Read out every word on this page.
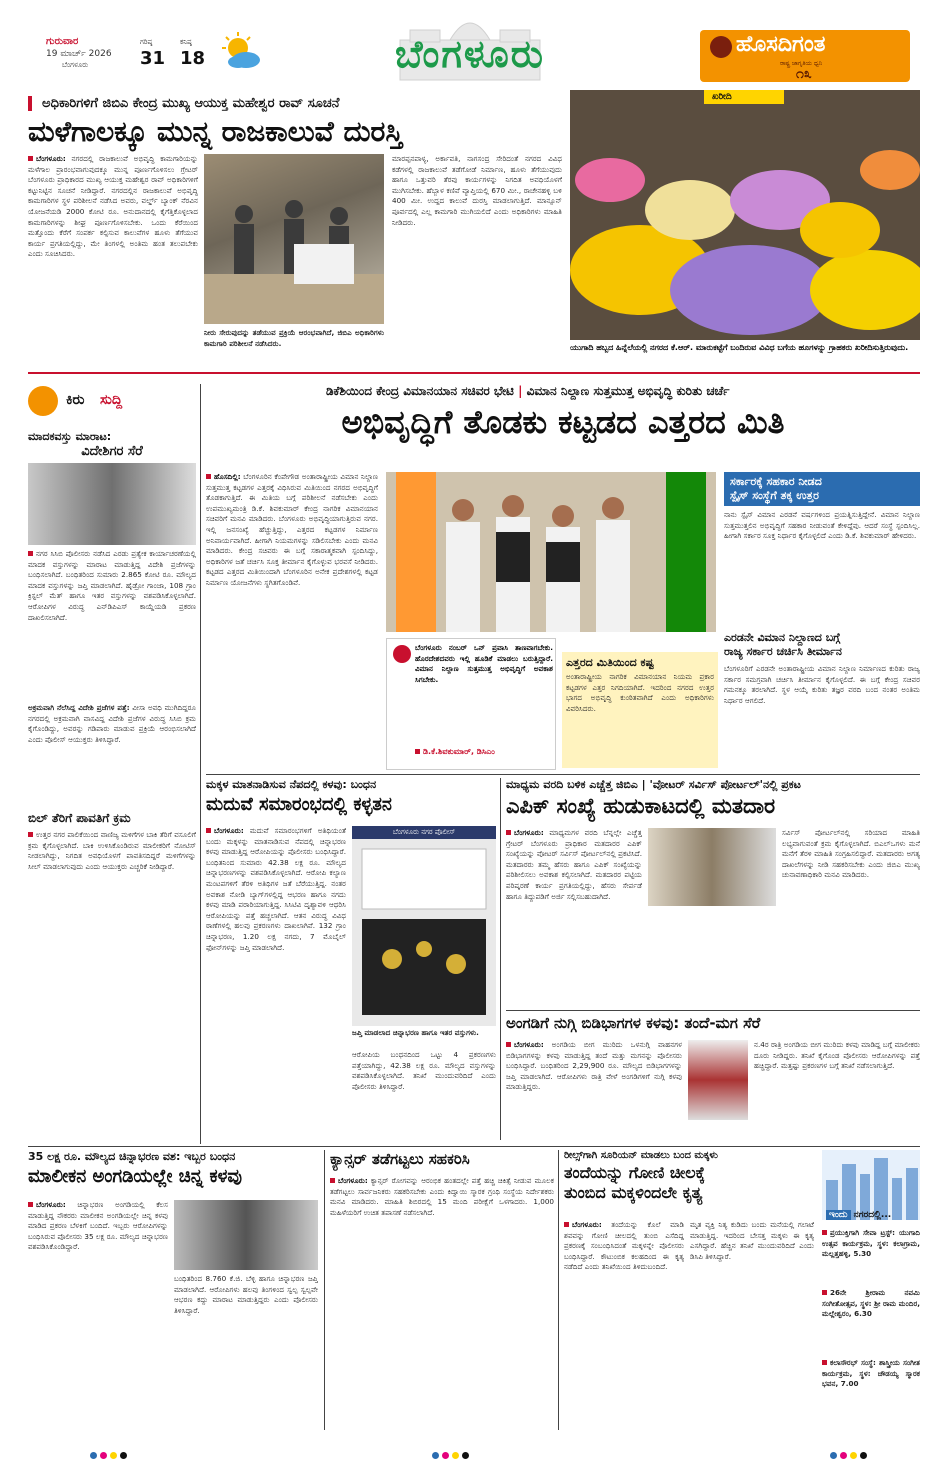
ಗುರುವಾರ
19 ಮಾರ್ಚ್ 2026
ಬೆಂಗಳೂರು
ಗರಿಷ್ಠ
31
ಕನಿಷ್ಠ
18	ಬೆಂಗಳೂರು	ಹೊಸದಿಗಂತ
ರಾಷ್ಟ್ರ ಜಾಗೃತಿಯ ಧ್ವನಿ
೧೩
ಅಧಿಕಾರಿಗಳಿಗೆ ಜಿಬಿಎ ಕೇಂದ್ರ ಮುಖ್ಯ ಆಯುಕ್ತ ಮಹೇಶ್ವರ ರಾವ್ ಸೂಚನೆ
ಮಳೆಗಾಲಕ್ಕೂ ಮುನ್ನ ರಾಜಕಾಲುವೆ ದುರಸ್ತಿ
ಬೆಂಗಳೂರು: ನಗರದಲ್ಲಿ ರಾಜಕಾಲುವೆ ಅಭಿವೃದ್ಧಿ ಕಾಮಗಾರಿಯನ್ನು ಮಳೆಗಾಲ ಪ್ರಾರಂಭವಾಗುವುದಕ್ಕೂ ಮುನ್ನ ಪೂರ್ಣಗೊಳಿಸಲು ಗ್ರೇಟರ್ ಬೆಂಗಳೂರು ಪ್ರಾಧಿಕಾರದ ಮುಖ್ಯ ಆಯುಕ್ತ ಮಹೇಶ್ವರ ರಾವ್ ಅಧಿಕಾರಿಗಳಿಗೆ ಕಟ್ಟುನಿಟ್ಟಿನ ಸೂಚನೆ ನೀಡಿದ್ದಾರೆ. ನಗರದಲ್ಲಿನ ರಾಜಕಾಲುವೆ ಅಭಿವೃದ್ಧಿ ಕಾಮಗಾರಿಗಳ ಸ್ಥಳ ಪರಿಶೀಲನೆ ನಡೆಸಿದ ಅವರು, ವರ್ಲ್ಡ್ ಬ್ಯಾಂಕ್ ನೆರವಿನ ಯೋಜನೆಯಡಿ 2000 ಕೋಟಿ ರೂ. ಅನುದಾನದಲ್ಲಿ ಕೈಗೆತ್ತಿಕೊಳ್ಳಲಾದ ಕಾಮಗಾರಿಗಳನ್ನು ಶೀಘ್ರ ಪೂರ್ಣಗೊಳಿಸಬೇಕು. ಒಂದು ಕೆರೆಯಿಂದ ಮತ್ತೊಂದು ಕೆರೆಗೆ ಸಂಪರ್ಕ ಕಲ್ಪಿಸುವ ಕಾಲುವೆಗಳ ಹೂಳು ತೆಗೆಯುವ ಕಾರ್ಯ ಪ್ರಗತಿಯಲ್ಲಿದ್ದು, ಮೇ ತಿಂಗಳಲ್ಲಿ ಅಂತಿಮ ಹಂತ ತಲುಪಬೇಕು ಎಂದು ಸೂಚಿಸಿದರು.
ನೀರು ಸೇರುವುದನ್ನು ತಡೆಯುವ ಪ್ರಕ್ರಿಯೆ ಆರಂಭವಾಗಿದೆ, ಜಿಬಿಎ ಅಧಿಕಾರಿಗಳು ಕಾಮಗಾರಿ ಪರಿಶೀಲನೆ ನಡೆಸಿದರು.
ಮಾರಪ್ಪನಪಾಳ್ಯ, ಅರ್ಕಾವತಿ, ನಾಗಸಂದ್ರ ಸೇರಿದಂತೆ ನಗರದ ವಿವಿಧ ಕಡೆಗಳಲ್ಲಿ ರಾಜಕಾಲುವೆ ತಡೆಗೋಡೆ ನಿರ್ಮಾಣ, ಹೂಳು ತೆಗೆಯುವುದು ಹಾಗೂ ಒತ್ತುವರಿ ತೆರವು ಕಾರ್ಯಗಳನ್ನು ನಿಗದಿತ ಅವಧಿಯೊಳಗೆ ಮುಗಿಸಬೇಕು. ಹೆಬ್ಬಾಳ ಕಣಿವೆ ವ್ಯಾಪ್ತಿಯಲ್ಲಿ 670 ಮೀ., ರಾಚೇನಹಳ್ಳಿ ಬಳಿ 400 ಮೀ. ಉದ್ದದ ಕಾಲುವೆ ದುರಸ್ತಿ ಮಾಡಲಾಗುತ್ತಿದೆ. ಮಾನ್ಸೂನ್ ಪೂರ್ವದಲ್ಲಿ ಎಲ್ಲ ಕಾಮಗಾರಿ ಮುಗಿಯಲಿದೆ ಎಂದು ಅಧಿಕಾರಿಗಳು ಮಾಹಿತಿ ನೀಡಿದರು.
ಖರೀದಿ
ಯುಗಾದಿ ಹಬ್ಬದ ಹಿನ್ನೆಲೆಯಲ್ಲಿ ನಗರದ ಕೆ.ಆರ್. ಮಾರುಕಟ್ಟೆಗೆ ಬಂದಿರುವ ವಿವಿಧ ಬಗೆಯ ಹೂಗಳನ್ನು ಗ್ರಾಹಕರು ಖರೀದಿಸುತ್ತಿರುವುದು.
ಕಿರು ಸುದ್ದಿ
ಮಾದಕವಸ್ತು ಮಾರಾಟ:
ವಿದೇಶಿಗರ ಸೆರೆ
ನಗರ ಸಿಸಿಬಿ ಪೊಲೀಸರು ನಡೆಸಿದ ಎರಡು ಪ್ರತ್ಯೇಕ ಕಾರ್ಯಾಚರಣೆಯಲ್ಲಿ ಮಾದಕ ವಸ್ತುಗಳನ್ನು ಮಾರಾಟ ಮಾಡುತ್ತಿದ್ದ ವಿದೇಶಿ ಪ್ರಜೆಗಳನ್ನು ಬಂಧಿಸಲಾಗಿದೆ. ಬಂಧಿತರಿಂದ ಸುಮಾರು 2.865 ಕೋಟಿ ರೂ. ಮೌಲ್ಯದ ಮಾದಕ ವಸ್ತುಗಳನ್ನು ಜಪ್ತಿ ಮಾಡಲಾಗಿದೆ. ಹೈಡ್ರೋ ಗಾಂಜಾ, 108 ಗ್ರಾಂ ಕ್ರಿಸ್ಟಲ್ ಮೆತ್ ಹಾಗೂ ಇತರ ವಸ್ತುಗಳನ್ನು ವಶಪಡಿಸಿಕೊಳ್ಳಲಾಗಿದೆ. ಆರೋಪಿಗಳ ವಿರುದ್ಧ ಎನ್‌ಡಿಪಿಎಸ್ ಕಾಯ್ದೆಯಡಿ ಪ್ರಕರಣ ದಾಖಲಿಸಲಾಗಿದೆ.
ಅಕ್ರಮವಾಗಿ ನೆಲೆಸಿದ್ದ ವಿದೇಶಿ ಪ್ರಜೆಗಳ ಪತ್ತೆ: ವೀಸಾ ಅವಧಿ ಮುಗಿದಿದ್ದರೂ ನಗರದಲ್ಲಿ ಅಕ್ರಮವಾಗಿ ವಾಸವಿದ್ದ ವಿದೇಶಿ ಪ್ರಜೆಗಳ ವಿರುದ್ಧ ಸಿಸಿಬಿ ಕ್ರಮ ಕೈಗೊಂಡಿದ್ದು, ಅವರನ್ನು ಗಡಿಪಾರು ಮಾಡುವ ಪ್ರಕ್ರಿಯೆ ಆರಂಭಿಸಲಾಗಿದೆ ಎಂದು ಪೊಲೀಸ್ ಆಯುಕ್ತರು ತಿಳಿಸಿದ್ದಾರೆ.
ಬಿಲ್ ತೆರಿಗೆ ಪಾವತಿಗೆ ಕ್ರಮ
ಉತ್ತರ ನಗರ ಪಾಲಿಕೆಯಿಂದ ವಾಣಿಜ್ಯ ಮಳಿಗೆಗಳ ಬಾಕಿ ತೆರಿಗೆ ವಸೂಲಿಗೆ ಕ್ರಮ ಕೈಗೊಳ್ಳಲಾಗಿದೆ. ಬಾಕಿ ಉಳಿಸಿಕೊಂಡಿರುವ ಮಾಲೀಕರಿಗೆ ನೋಟಿಸ್ ನೀಡಲಾಗಿದ್ದು, ನಿಗದಿತ ಅವಧಿಯೊಳಗೆ ಪಾವತಿಸದಿದ್ದರೆ ಮಳಿಗೆಗಳನ್ನು ಸೀಲ್ ಮಾಡಲಾಗುವುದು ಎಂದು ಆಯುಕ್ತರು ಎಚ್ಚರಿಕೆ ನೀಡಿದ್ದಾರೆ.
ಡಿಕೆಶಿಯಿಂದ ಕೇಂದ್ರ ವಿಮಾನಯಾನ ಸಚಿವರ ಭೇಟಿ | ವಿಮಾನ ನಿಲ್ದಾಣ ಸುತ್ತಮುತ್ತ ಅಭಿವೃದ್ಧಿ ಕುರಿತು ಚರ್ಚೆ
ಅಭಿವೃದ್ಧಿಗೆ ತೊಡಕು ಕಟ್ಟಡದ ಎತ್ತರದ ಮಿತಿ
ಹೊಸದಿಲ್ಲಿ: ಬೆಂಗಳೂರಿನ ಕೆಂಪೇಗೌಡ ಅಂತಾರಾಷ್ಟ್ರೀಯ ವಿಮಾನ ನಿಲ್ದಾಣ ಸುತ್ತಮುತ್ತ ಕಟ್ಟಡಗಳ ಎತ್ತರಕ್ಕೆ ವಿಧಿಸಿರುವ ಮಿತಿಯಿಂದ ನಗರದ ಅಭಿವೃದ್ಧಿಗೆ ತೊಡಕಾಗುತ್ತಿದೆ. ಈ ಮಿತಿಯ ಬಗ್ಗೆ ಪರಿಶೀಲನೆ ನಡೆಸಬೇಕು ಎಂದು ಉಪಮುಖ್ಯಮಂತ್ರಿ ಡಿ.ಕೆ. ಶಿವಕುಮಾರ್ ಕೇಂದ್ರ ನಾಗರಿಕ ವಿಮಾನಯಾನ ಸಚಿವರಿಗೆ ಮನವಿ ಮಾಡಿದರು. ಬೆಂಗಳೂರು ಅಭಿವೃದ್ಧಿಯಾಗುತ್ತಿರುವ ನಗರ. ಇಲ್ಲಿ ಜನಸಂಖ್ಯೆ ಹೆಚ್ಚುತ್ತಿದ್ದು, ಎತ್ತರದ ಕಟ್ಟಡಗಳ ನಿರ್ಮಾಣ ಅನಿವಾರ್ಯವಾಗಿದೆ. ಹೀಗಾಗಿ ನಿಯಮಗಳನ್ನು ಸಡಿಲಿಸಬೇಕು ಎಂದು ಮನವಿ ಮಾಡಿದರು. ಕೇಂದ್ರ ಸಚಿವರು ಈ ಬಗ್ಗೆ ಸಕಾರಾತ್ಮಕವಾಗಿ ಸ್ಪಂದಿಸಿದ್ದು, ಅಧಿಕಾರಿಗಳ ಜತೆ ಚರ್ಚಿಸಿ ಸೂಕ್ತ ತೀರ್ಮಾನ ಕೈಗೊಳ್ಳುವ ಭರವಸೆ ನೀಡಿದರು. ಕಟ್ಟಡದ ಎತ್ತರದ ಮಿತಿಯಿಂದಾಗಿ ಬೆಂಗಳೂರಿನ ಅನೇಕ ಪ್ರದೇಶಗಳಲ್ಲಿ ಕಟ್ಟಡ ನಿರ್ಮಾಣ ಯೋಜನೆಗಳು ಸ್ಥಗಿತಗೊಂಡಿವೆ.
ಬೆಂಗಳೂರು ನಂಬರ್ ಒನ್ ಪ್ರವಾಸಿ ತಾಣವಾಗಬೇಕು. ಹೊರದೇಶದವರು ಇಲ್ಲಿ ಹೂಡಿಕೆ ಮಾಡಲು ಬರುತ್ತಿದ್ದಾರೆ. ವಿಮಾನ ನಿಲ್ದಾಣ ಸುತ್ತಮುತ್ತ ಅಭಿವೃದ್ಧಿಗೆ ಅವಕಾಶ ಸಿಗಬೇಕು.
ಡಿ.ಕೆ.ಶಿವಕುಮಾರ್, ಡಿಸಿಎಂ
ಎತ್ತರದ ಮಿತಿಯಿಂದ ಕಷ್ಟ
ಅಂತಾರಾಷ್ಟ್ರೀಯ ನಾಗರಿಕ ವಿಮಾನಯಾನ ನಿಯಮ ಪ್ರಕಾರ ಕಟ್ಟಡಗಳ ಎತ್ತರ ನಿಗದಿಯಾಗಿದೆ. ಇದರಿಂದ ನಗರದ ಉತ್ತರ ಭಾಗದ ಅಭಿವೃದ್ಧಿ ಕುಂಠಿತವಾಗಿದೆ ಎಂದು ಅಧಿಕಾರಿಗಳು ವಿವರಿಸಿದರು.
ಸರ್ಕಾರಕ್ಕೆ ಸಹಕಾರ ನೀಡದ
ಸ್ಪೈಸ್ ಸಂಸ್ಥೆಗೆ ತಕ್ಕ ಉತ್ತರ
ನಾನು ಸ್ಪೈಸ್ ವಿಮಾನ ಎರಡನೆ ವರ್ಷಗಳಿಂದ ಪ್ರಯತ್ನಿಸುತ್ತಿದ್ದೇನೆ. ವಿಮಾನ ನಿಲ್ದಾಣ ಸುತ್ತಮುತ್ತಲಿನ ಅಭಿವೃದ್ಧಿಗೆ ಸಹಕಾರ ನೀಡುವಂತೆ ಕೇಳಿದ್ದೆವು. ಆದರೆ ಸಂಸ್ಥೆ ಸ್ಪಂದಿಸಿಲ್ಲ. ಹೀಗಾಗಿ ಸರ್ಕಾರ ಸೂಕ್ತ ನಿರ್ಧಾರ ಕೈಗೊಳ್ಳಲಿದೆ ಎಂದು ಡಿ.ಕೆ. ಶಿವಕುಮಾರ್ ಹೇಳಿದರು.
ಎರಡನೇ ವಿಮಾನ ನಿಲ್ದಾಣದ ಬಗ್ಗೆ
ರಾಜ್ಯ ಸರ್ಕಾರ ಚರ್ಚಿಸಿ ತೀರ್ಮಾನ
ಬೆಂಗಳೂರಿಗೆ ಎರಡನೇ ಅಂತಾರಾಷ್ಟ್ರೀಯ ವಿಮಾನ ನಿಲ್ದಾಣ ನಿರ್ಮಾಣದ ಕುರಿತು ರಾಜ್ಯ ಸರ್ಕಾರ ಸಮಗ್ರವಾಗಿ ಚರ್ಚಿಸಿ ತೀರ್ಮಾನ ಕೈಗೊಳ್ಳಲಿದೆ. ಈ ಬಗ್ಗೆ ಕೇಂದ್ರ ಸಚಿವರ ಗಮನಕ್ಕೂ ತರಲಾಗಿದೆ. ಸ್ಥಳ ಆಯ್ಕೆ ಕುರಿತು ತಜ್ಞರ ವರದಿ ಬಂದ ನಂತರ ಅಂತಿಮ ನಿರ್ಧಾರ ಆಗಲಿದೆ.
ಮಕ್ಕಳ ಮಾತನಾಡಿಸುವ ನೆಪದಲ್ಲಿ ಕಳವು: ಬಂಧನ
ಮದುವೆ ಸಮಾರಂಭದಲ್ಲಿ ಕಳ್ಳತನ
ಬೆಂಗಳೂರು: ಮದುವೆ ಸಮಾರಂಭಗಳಿಗೆ ಅತಿಥಿಯಂತೆ ಬಂದು ಮಕ್ಕಳನ್ನು ಮಾತನಾಡಿಸುವ ನೆಪದಲ್ಲಿ ಚಿನ್ನಾಭರಣ ಕಳವು ಮಾಡುತ್ತಿದ್ದ ಆರೋಪಿಯನ್ನು ಪೊಲೀಸರು ಬಂಧಿಸಿದ್ದಾರೆ. ಬಂಧಿತನಿಂದ ಸುಮಾರು 42.38 ಲಕ್ಷ ರೂ. ಮೌಲ್ಯದ ಚಿನ್ನಾಭರಣಗಳನ್ನು ವಶಪಡಿಸಿಕೊಳ್ಳಲಾಗಿದೆ. ಆರೋಪಿ ಕಲ್ಯಾಣ ಮಂಟಪಗಳಿಗೆ ತೆರಳಿ ಅತಿಥಿಗಳ ಜತೆ ಬೆರೆಯುತ್ತಿದ್ದ. ನಂತರ ಅವಕಾಶ ನೋಡಿ ಬ್ಯಾಗ್‌ಗಳಲ್ಲಿದ್ದ ಆಭರಣ ಹಾಗೂ ನಗದು ಕಳವು ಮಾಡಿ ಪರಾರಿಯಾಗುತ್ತಿದ್ದ. ಸಿಸಿಟಿವಿ ದೃಶ್ಯಾವಳಿ ಆಧರಿಸಿ ಆರೋಪಿಯನ್ನು ಪತ್ತೆ ಹಚ್ಚಲಾಗಿದೆ. ಆತನ ವಿರುದ್ಧ ವಿವಿಧ ಠಾಣೆಗಳಲ್ಲಿ ಹಲವು ಪ್ರಕರಣಗಳು ದಾಖಲಾಗಿವೆ. 132 ಗ್ರಾಂ ಚಿನ್ನಾಭರಣ, 1.20 ಲಕ್ಷ ನಗದು, 7 ಮೊಬೈಲ್ ಫೋನ್‌ಗಳನ್ನು ಜಪ್ತಿ ಮಾಡಲಾಗಿದೆ.
ಬೆಂಗಳೂರು ನಗರ ಪೊಲೀಸ್
ಜಪ್ತಿ ಮಾಡಲಾದ ಚಿನ್ನಾಭರಣ ಹಾಗೂ ಇತರ ವಸ್ತುಗಳು.
ಆರೋಪಿಯ ಬಂಧನದಿಂದ ಒಟ್ಟು 4 ಪ್ರಕರಣಗಳು ಪತ್ತೆಯಾಗಿದ್ದು, 42.38 ಲಕ್ಷ ರೂ. ಮೌಲ್ಯದ ವಸ್ತುಗಳನ್ನು ವಶಪಡಿಸಿಕೊಳ್ಳಲಾಗಿದೆ. ತನಿಖೆ ಮುಂದುವರಿದಿದೆ ಎಂದು ಪೊಲೀಸರು ತಿಳಿಸಿದ್ದಾರೆ.
ಮಾಧ್ಯಮ ವರದಿ ಬಳಿಕ ಎಚ್ಚೆತ್ತ ಜಿಬಿಎ | 'ವೋಟರ್ ಸರ್ವಿಸ್ ಪೋರ್ಟಲ್'ನಲ್ಲಿ ಪ್ರಕಟ
ಎಪಿಕ್ ಸಂಖ್ಯೆ ಹುಡುಕಾಟದಲ್ಲಿ ಮತದಾರ
ಬೆಂಗಳೂರು: ಮಾಧ್ಯಮಗಳ ವರದಿ ಬೆನ್ನಲ್ಲೇ ಎಚ್ಚೆತ್ತ ಗ್ರೇಟರ್ ಬೆಂಗಳೂರು ಪ್ರಾಧಿಕಾರ ಮತದಾರರ ಎಪಿಕ್ ಸಂಖ್ಯೆಯನ್ನು ವೋಟರ್ ಸರ್ವಿಸ್ ಪೋರ್ಟಲ್‌ನಲ್ಲಿ ಪ್ರಕಟಿಸಿದೆ. ಮತದಾರರು ತಮ್ಮ ಹೆಸರು ಹಾಗೂ ಎಪಿಕ್ ಸಂಖ್ಯೆಯನ್ನು ಪರಿಶೀಲಿಸಲು ಅವಕಾಶ ಕಲ್ಪಿಸಲಾಗಿದೆ. ಮತದಾರರ ಪಟ್ಟಿಯ ಪರಿಷ್ಕರಣೆ ಕಾರ್ಯ ಪ್ರಗತಿಯಲ್ಲಿದ್ದು, ಹೆಸರು ಸೇರ್ಪಡೆ ಹಾಗೂ ತಿದ್ದುಪಡಿಗೆ ಅರ್ಜಿ ಸಲ್ಲಿಸಬಹುದಾಗಿದೆ.
ಸರ್ವಿಸ್ ಪೋರ್ಟಲ್‌ನಲ್ಲಿ ಸರಿಯಾದ ಮಾಹಿತಿ ಲಭ್ಯವಾಗುವಂತೆ ಕ್ರಮ ಕೈಗೊಳ್ಳಲಾಗಿದೆ. ಬಿಎಲ್‌ಒಗಳು ಮನೆ ಮನೆಗೆ ತೆರಳಿ ಮಾಹಿತಿ ಸಂಗ್ರಹಿಸಲಿದ್ದಾರೆ. ಮತದಾರರು ಅಗತ್ಯ ದಾಖಲೆಗಳನ್ನು ನೀಡಿ ಸಹಕರಿಸಬೇಕು ಎಂದು ಜಿಬಿಎ ಮುಖ್ಯ ಚುನಾವಣಾಧಿಕಾರಿ ಮನವಿ ಮಾಡಿದರು.
ಅಂಗಡಿಗೆ ನುಗ್ಗಿ ಬಿಡಿಭಾಗಗಳ ಕಳವು: ತಂದೆ-ಮಗ ಸೆರೆ
ಬೆಂಗಳೂರು: ಅಂಗಡಿಯ ಬೀಗ ಮುರಿದು ಒಳನುಗ್ಗಿ ವಾಹನಗಳ ಬಿಡಿಭಾಗಗಳನ್ನು ಕಳವು ಮಾಡುತ್ತಿದ್ದ ತಂದೆ ಮತ್ತು ಮಗನನ್ನು ಪೊಲೀಸರು ಬಂಧಿಸಿದ್ದಾರೆ. ಬಂಧಿತರಿಂದ 2,29,900 ರೂ. ಮೌಲ್ಯದ ಬಿಡಿಭಾಗಗಳನ್ನು ಜಪ್ತಿ ಮಾಡಲಾಗಿದೆ. ಆರೋಪಿಗಳು ರಾತ್ರಿ ವೇಳೆ ಅಂಗಡಿಗಳಿಗೆ ನುಗ್ಗಿ ಕಳವು ಮಾಡುತ್ತಿದ್ದರು.
ನ.4ರ ರಾತ್ರಿ ಅಂಗಡಿಯ ಬೀಗ ಮುರಿದು ಕಳವು ಮಾಡಿದ್ದ ಬಗ್ಗೆ ಮಾಲೀಕರು ದೂರು ನೀಡಿದ್ದರು. ತನಿಖೆ ಕೈಗೊಂಡ ಪೊಲೀಸರು ಆರೋಪಿಗಳನ್ನು ಪತ್ತೆ ಹಚ್ಚಿದ್ದಾರೆ. ಮತ್ತಷ್ಟು ಪ್ರಕರಣಗಳ ಬಗ್ಗೆ ತನಿಖೆ ನಡೆಸಲಾಗುತ್ತಿದೆ.
35 ಲಕ್ಷ ರೂ. ಮೌಲ್ಯದ ಚಿನ್ನಾಭರಣ ವಶ: ಇಬ್ಬರ ಬಂಧನ
ಮಾಲೀಕನ ಅಂಗಡಿಯಲ್ಲೇ ಚಿನ್ನ ಕಳವು
ಬೆಂಗಳೂರು: ಚಿನ್ನಾಭರಣ ಅಂಗಡಿಯಲ್ಲಿ ಕೆಲಸ ಮಾಡುತ್ತಿದ್ದ ನೌಕರರು ಮಾಲೀಕನ ಅಂಗಡಿಯಲ್ಲೇ ಚಿನ್ನ ಕಳವು ಮಾಡಿದ ಪ್ರಕರಣ ಬೆಳಕಿಗೆ ಬಂದಿದೆ. ಇಬ್ಬರು ಆರೋಪಿಗಳನ್ನು ಬಂಧಿಸಿರುವ ಪೊಲೀಸರು 35 ಲಕ್ಷ ರೂ. ಮೌಲ್ಯದ ಚಿನ್ನಾಭರಣ ವಶಪಡಿಸಿಕೊಂಡಿದ್ದಾರೆ.
ಬಂಧಿತರಿಂದ 8.760 ಕೆ.ಜಿ. ಬೆಳ್ಳಿ ಹಾಗೂ ಚಿನ್ನಾಭರಣ ಜಪ್ತಿ ಮಾಡಲಾಗಿದೆ. ಆರೋಪಿಗಳು ಹಲವು ತಿಂಗಳಿಂದ ಸ್ವಲ್ಪ ಸ್ವಲ್ಪವೇ ಆಭರಣ ಕದ್ದು ಮಾರಾಟ ಮಾಡುತ್ತಿದ್ದರು ಎಂದು ಪೊಲೀಸರು ತಿಳಿಸಿದ್ದಾರೆ.
ಕ್ಯಾನ್ಸರ್ ತಡೆಗಟ್ಟಲು ಸಹಕರಿಸಿ
ಬೆಂಗಳೂರು: ಕ್ಯಾನ್ಸರ್ ರೋಗವನ್ನು ಆರಂಭಿಕ ಹಂತದಲ್ಲೇ ಪತ್ತೆ ಹಚ್ಚಿ ಚಿಕಿತ್ಸೆ ನೀಡುವ ಮೂಲಕ ತಡೆಗಟ್ಟಲು ಸಾರ್ವಜನಿಕರು ಸಹಕರಿಸಬೇಕು ಎಂದು ಕಿದ್ವಾಯಿ ಸ್ಮಾರಕ ಗ್ರಂಥಿ ಸಂಸ್ಥೆಯ ನಿರ್ದೇಶಕರು ಮನವಿ ಮಾಡಿದರು. ಮಾಹಿತಿ ಶಿಬಿರದಲ್ಲಿ 15 ಮಂದಿ ಪರೀಕ್ಷೆಗೆ ಒಳಗಾದರು. 1,000 ಮಹಿಳೆಯರಿಗೆ ಉಚಿತ ತಪಾಸಣೆ ನಡೆಸಲಾಗಿದೆ.
ರೀಲ್ಸ್‌ಗಾಗಿ ಸೂರಿಯನ್ ಮಾಡಲು ಬಂದ ಮಕ್ಕಳು
ತಂದೆಯನ್ನು ಗೋಣಿ ಚೀಲಕ್ಕೆ
ತುಂಬಿದ ಮಕ್ಕಳಿಂದಲೇ ಕೃತ್ಯ
ಬೆಂಗಳೂರು: ತಂದೆಯನ್ನು ಕೊಲೆ ಮಾಡಿ ಶವವನ್ನು ಗೋಣಿ ಚೀಲದಲ್ಲಿ ತುಂಬಿ ಎಸೆದಿದ್ದ ಪ್ರಕರಣಕ್ಕೆ ಸಂಬಂಧಿಸಿದಂತೆ ಮಕ್ಕಳನ್ನೇ ಪೊಲೀಸರು ಬಂಧಿಸಿದ್ದಾರೆ. ಕೌಟುಂಬಿಕ ಕಲಹದಿಂದ ಈ ಕೃತ್ಯ ನಡೆದಿದೆ ಎಂದು ತನಿಖೆಯಿಂದ ತಿಳಿದುಬಂದಿದೆ.
ಮೃತ ವ್ಯಕ್ತಿ ನಿತ್ಯ ಕುಡಿದು ಬಂದು ಮನೆಯಲ್ಲಿ ಗಲಾಟೆ ಮಾಡುತ್ತಿದ್ದ. ಇದರಿಂದ ಬೇಸತ್ತ ಮಕ್ಕಳು ಈ ಕೃತ್ಯ ಎಸಗಿದ್ದಾರೆ. ಹೆಚ್ಚಿನ ತನಿಖೆ ಮುಂದುವರಿದಿದೆ ಎಂದು ಡಿಸಿಪಿ ತಿಳಿಸಿದ್ದಾರೆ.
ಇಂದು ನಗರದಲ್ಲಿ...
ಪ್ರಯುಕ್ತಿಗಾಗಿ ಸೇವಾ ಟ್ರಸ್ಟ್: ಯುಗಾದಿ ಉತ್ಸವ ಕಾರ್ಯಕ್ರಮ, ಸ್ಥಳ: ಕಲಾಗ್ರಾಮ, ಮಲ್ಲತ್ತಹಳ್ಳಿ, 5.30
26ನೇ ಶ್ರೀರಾಮ ನವಮಿ ಸಂಗೀತೋತ್ಸವ, ಸ್ಥಳ: ಶ್ರೀ ರಾಮ ಮಂದಿರ, ಮಲ್ಲೇಶ್ವರಂ, 6.30
ಕಲಾಸೌರಭ್ ಸಂಸ್ಥೆ: ಶಾಸ್ತ್ರೀಯ ಸಂಗೀತ ಕಾರ್ಯಕ್ರಮ, ಸ್ಥಳ: ಚೌಡಯ್ಯ ಸ್ಮಾರಕ ಭವನ, 7.00
